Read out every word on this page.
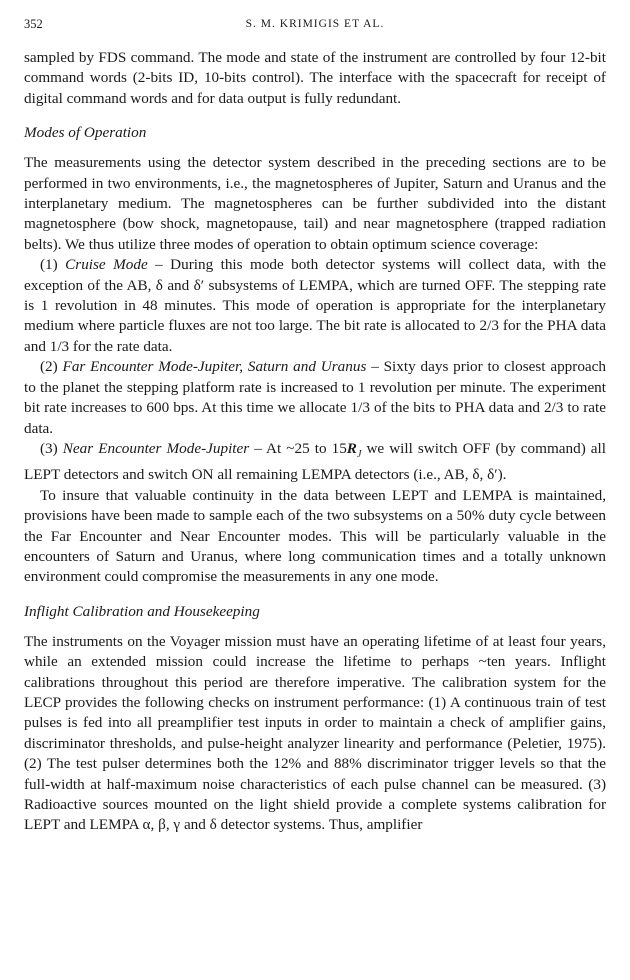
352	S. M. KRIMIGIS ET AL.

sampled by FDS command. The mode and state of the instrument are controlled by four 12-bit command words (2-bits ID, 10-bits control). The interface with the spacecraft for receipt of digital command words and for data output is fully redundant.

Modes of Operation

The measurements using the detector system described in the preceding sections are to be performed in two environments, i.e., the magnetospheres of Jupiter, Saturn and Uranus and the interplanetary medium. The magnetospheres can be further subdivided into the distant magnetosphere (bow shock, magnetopause, tail) and near magnetosphere (trapped radiation belts). We thus utilize three modes of operation to obtain optimum science coverage:

(1) Cruise Mode – During this mode both detector systems will collect data, with the exception of the AB, δ and δ′ subsystems of LEMPA, which are turned OFF. The stepping rate is 1 revolution in 48 minutes. This mode of operation is appropriate for the interplanetary medium where particle fluxes are not too large. The bit rate is allocated to 2/3 for the PHA data and 1/3 for the rate data.

(2) Far Encounter Mode-Jupiter, Saturn and Uranus – Sixty days prior to closest approach to the planet the stepping platform rate is increased to 1 revolution per minute. The experiment bit rate increases to 600 bps. At this time we allocate 1/3 of the bits to PHA data and 2/3 to rate data.

(3) Near Encounter Mode-Jupiter – At ~25 to $15R_J$ we will switch OFF (by command) all LEPT detectors and switch ON all remaining LEMPA detectors (i.e., AB, δ, δ′).

To insure that valuable continuity in the data between LEPT and LEMPA is maintained, provisions have been made to sample each of the two subsystems on a 50% duty cycle between the Far Encounter and Near Encounter modes. This will be particularly valuable in the encounters of Saturn and Uranus, where long communication times and a totally unknown environment could compromise the measurements in any one mode.

Inflight Calibration and Housekeeping

The instruments on the Voyager mission must have an operating lifetime of at least four years, while an extended mission could increase the lifetime to perhaps ~ten years. Inflight calibrations throughout this period are therefore imperative. The calibration system for the LECP provides the following checks on instrument performance: (1) A continuous train of test pulses is fed into all preamplifier test inputs in order to maintain a check of amplifier gains, discriminator thresholds, and pulse-height analyzer linearity and performance (Peletier, 1975). (2) The test pulser determines both the 12% and 88% discriminator trigger levels so that the full-width at half-maximum noise characteristics of each pulse channel can be measured. (3) Radioactive sources mounted on the light shield provide a complete systems calibration for LEPT and LEMPA α, β, γ and δ detector systems. Thus, amplifier
